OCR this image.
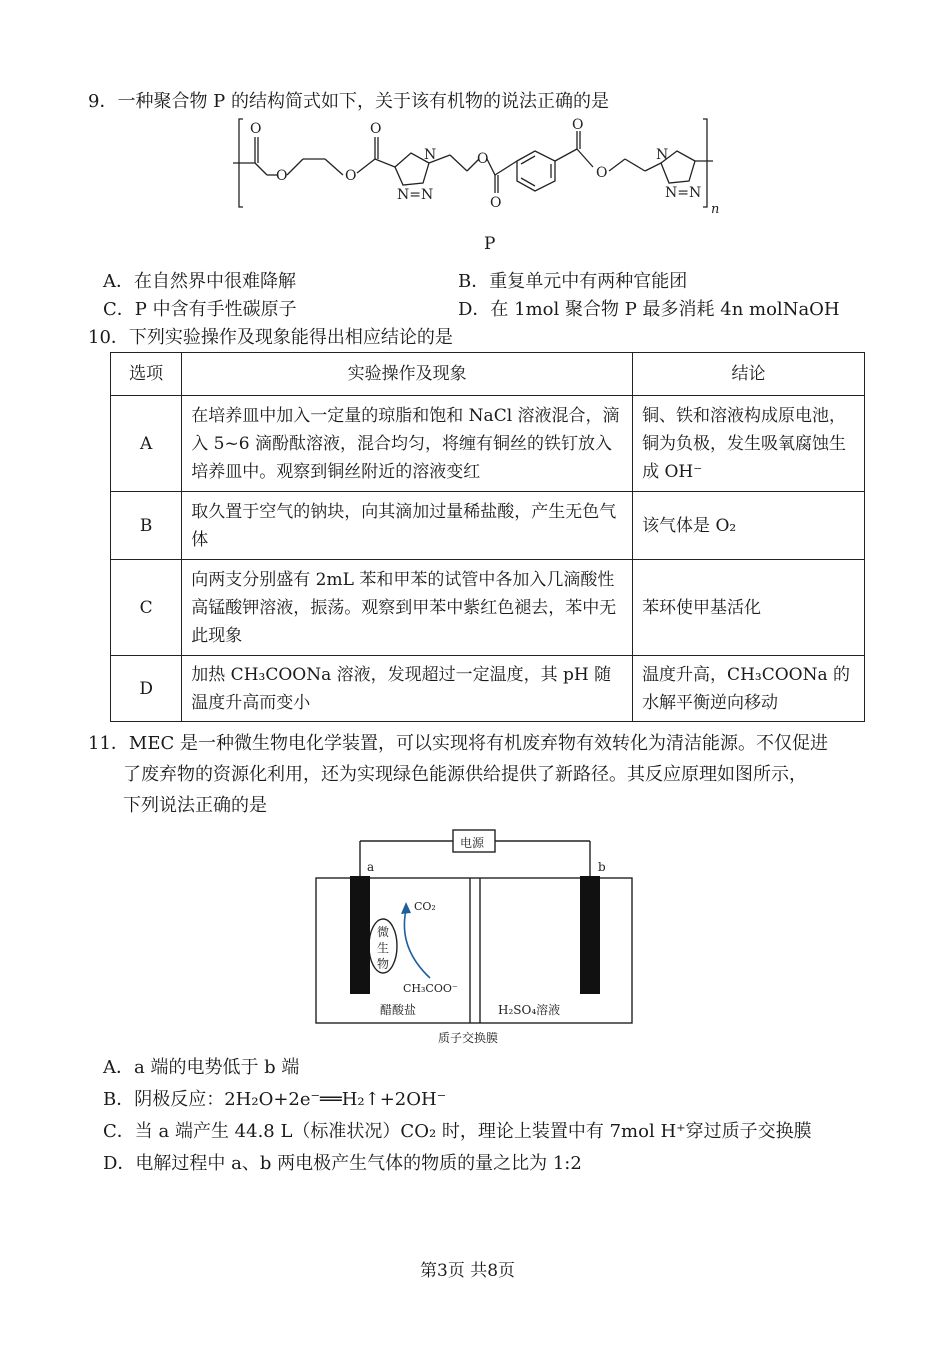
9．一种聚合物 P 的结构简式如下，关于该有机物的说法正确的是
O
O	O
O
N
N=N
O
O
O
O
N
N=N
n
P
A．在自然界中很难降解	B．重复单元中有两种官能团
C．P 中含有手性碳原子	D．在 1mol 聚合物 P 最多消耗 4n molNaOH
10．下列实验操作及现象能得出相应结论的是
选项	实验操作及现象	结论
A	在培养皿中加入一定量的琼脂和饱和 NaCl 溶液混合，滴入 5~6 滴酚酞溶液，混合均匀，将缠有铜丝的铁钉放入培养皿中。观察到铜丝附近的溶液变红	铜、铁和溶液构成原电池，铜为负极，发生吸氧腐蚀生成 OH⁻
B	取久置于空气的钠块，向其滴加过量稀盐酸，产生无色气体	该气体是 O₂
C	向两支分别盛有 2mL 苯和甲苯的试管中各加入几滴酸性高锰酸钾溶液，振荡。观察到甲苯中紫红色褪去，苯中无此现象	苯环使甲基活化
D	加热 CH₃COONa 溶液，发现超过一定温度，其 pH 随温度升高而变小	温度升高，CH₃COONa 的水解平衡逆向移动
11．MEC 是一种微生物电化学装置，可以实现将有机废弃物有效转化为清洁能源。不仅促进
了废弃物的资源化利用，还为实现绿色能源供给提供了新路径。其反应原理如图所示，
下列说法正确的是
电源
a	b
CO₂
微
生
物
CH₃COO⁻
醋酸盐	H₂SO₄溶液
质子交换膜
A．a 端的电势低于 b 端
B．阴极反应：2H₂O+2e⁻══H₂↑+2OH⁻
C．当 a 端产生 44.8 L（标准状况）CO₂ 时，理论上装置中有 7mol H⁺穿过质子交换膜
D．电解过程中 a、b 两电极产生气体的物质的量之比为 1:2
第3页 共8页
